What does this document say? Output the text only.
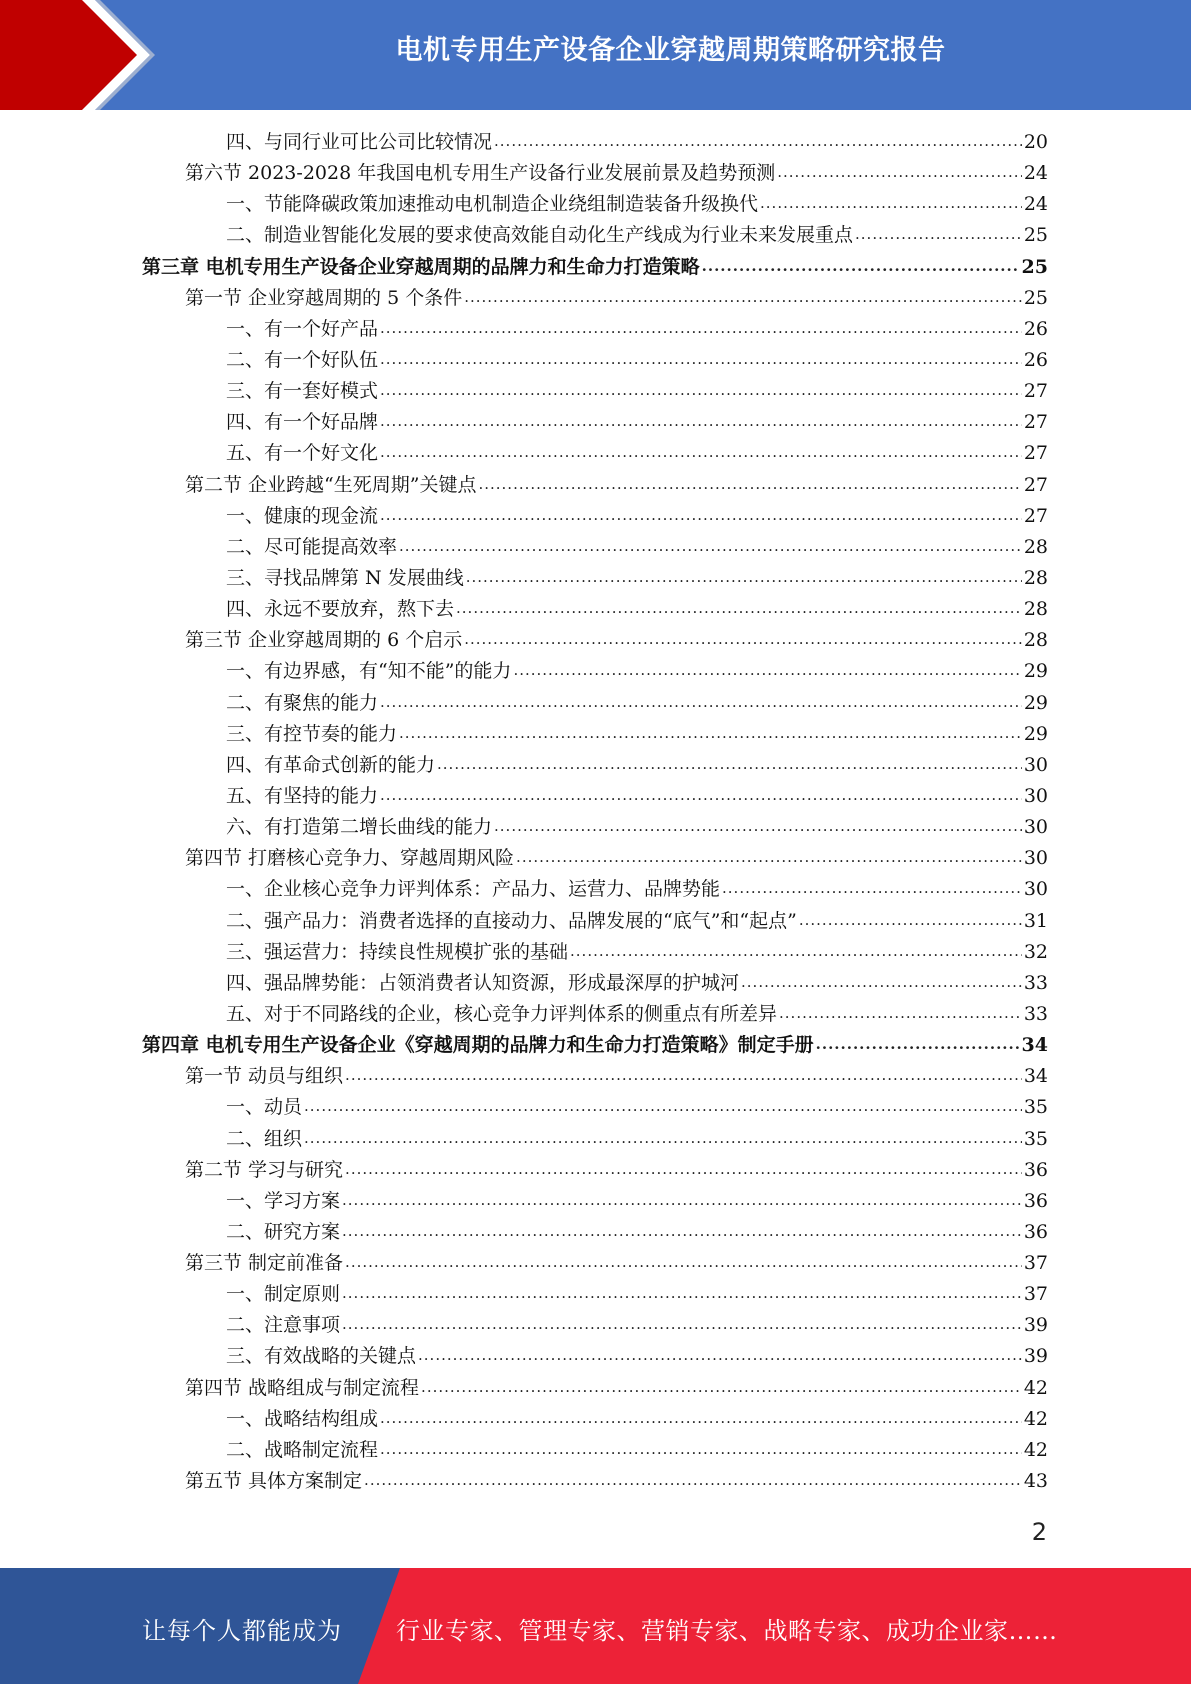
电机专用生产设备企业穿越周期策略研究报告
四、与同行业可比公司比较情况 .....	20
第六节 2023-2028 年我国电机专用生产设备行业发展前景及趋势预测 .....	24
一、节能降碳政策加速推动电机制造企业绕组制造装备升级换代 .....	24
二、制造业智能化发展的要求使高效能自动化生产线成为行业未来发展重点 .....	25
第三章 电机专用生产设备企业穿越周期的品牌力和生命力打造策略 .....	25
第一节 企业穿越周期的 5 个条件 .....	25
一、有一个好产品 .....	26
二、有一个好队伍 .....	26
三、有一套好模式 .....	27
四、有一个好品牌 .....	27
五、有一个好文化 .....	27
第二节 企业跨越“生死周期”关键点 .....	27
一、健康的现金流 .....	27
二、尽可能提高效率 .....	28
三、寻找品牌第 N 发展曲线 .....	28
四、永远不要放弃，熬下去 .....	28
第三节 企业穿越周期的 6 个启示 .....	28
一、有边界感，有“知不能”的能力 .....	29
二、有聚焦的能力 .....	29
三、有控节奏的能力 .....	29
四、有革命式创新的能力 .....	30
五、有坚持的能力 .....	30
六、有打造第二增长曲线的能力 .....	30
第四节 打磨核心竞争力、穿越周期风险 .....	30
一、企业核心竞争力评判体系：产品力、运营力、品牌势能 .....	30
二、强产品力：消费者选择的直接动力、品牌发展的“底气”和“起点” .....	31
三、强运营力：持续良性规模扩张的基础 .....	32
四、强品牌势能：占领消费者认知资源，形成最深厚的护城河 .....	33
五、对于不同路线的企业，核心竞争力评判体系的侧重点有所差异 .....	33
第四章 电机专用生产设备企业《穿越周期的品牌力和生命力打造策略》制定手册 .....	34
第一节 动员与组织 .....	34
一、动员 .....	35
二、组织 .....	35
第二节 学习与研究 .....	36
一、学习方案 .....	36
二、研究方案 .....	36
第三节 制定前准备 .....	37
一、制定原则 .....	37
二、注意事项 .....	39
三、有效战略的关键点 .....	39
第四节 战略组成与制定流程 .....	42
一、战略结构组成 .....	42
二、战略制定流程 .....	42
第五节 具体方案制定 .....	43
2
让每个人都能成为 行业专家、管理专家、营销专家、战略专家、成功企业家……
